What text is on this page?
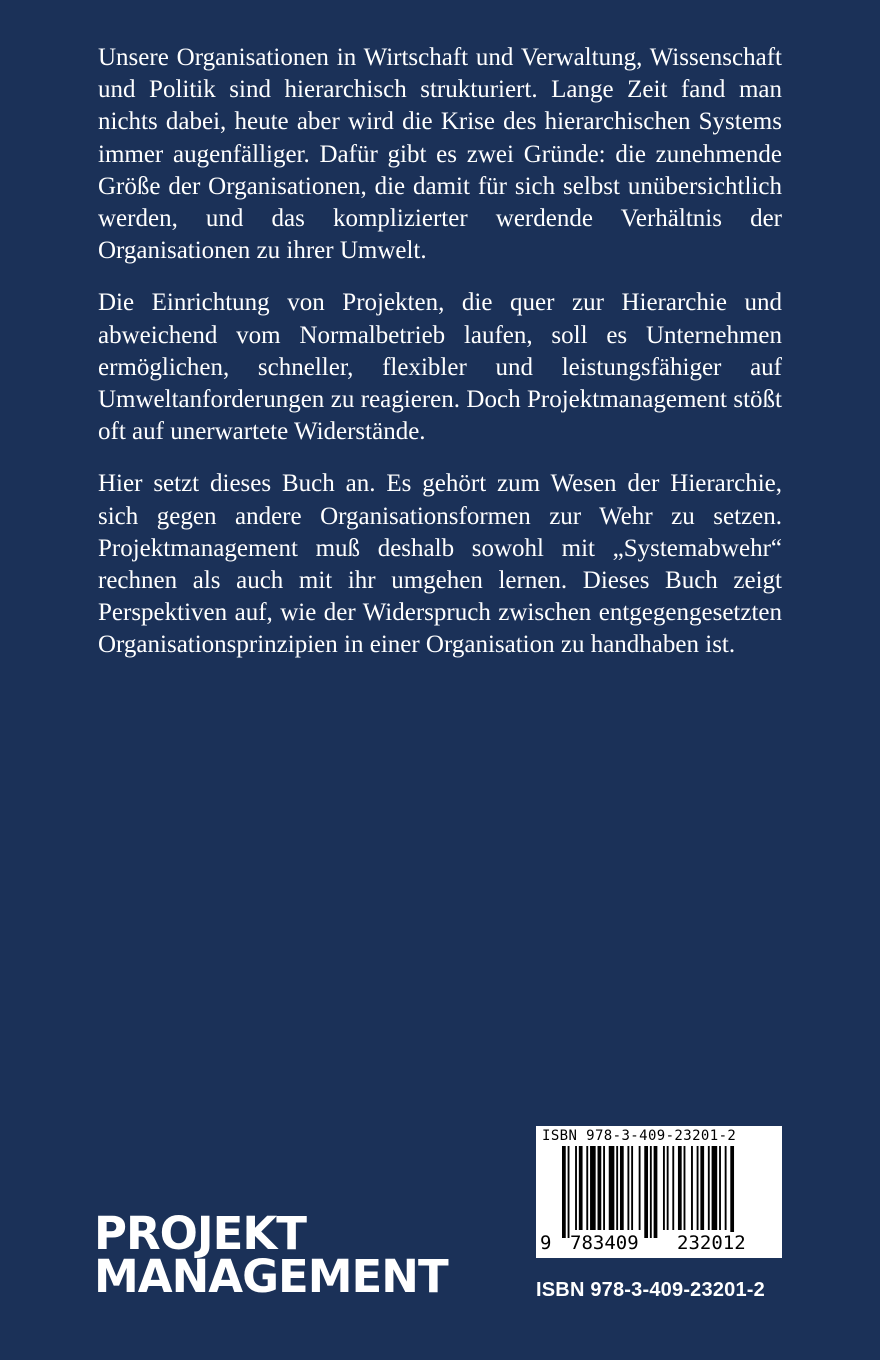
Unsere Organisationen in Wirtschaft und Verwaltung, Wissenschaft und Politik sind hierarchisch strukturiert. Lange Zeit fand man nichts dabei, heute aber wird die Krise des hierarchischen Systems immer augenfälliger. Dafür gibt es zwei Gründe: die zunehmende Größe der Organisationen, die damit für sich selbst unübersichtlich werden, und das komplizierter werdende Verhältnis der Organisationen zu ihrer Umwelt.

Die Einrichtung von Projekten, die quer zur Hierarchie und abweichend vom Normalbetrieb laufen, soll es Unternehmen ermöglichen, schneller, flexibler und leistungsfähiger auf Umweltanforderungen zu reagieren. Doch Projektmanagement stößt oft auf unerwartete Widerstände.

Hier setzt dieses Buch an. Es gehört zum Wesen der Hierarchie, sich gegen andere Organisationsformen zur Wehr zu setzen. Projektmanagement muß deshalb sowohl mit „Systemabwehr“ rechnen als auch mit ihr umgehen lernen. Dieses Buch zeigt Perspektiven auf, wie der Widerspruch zwischen entgegengesetzten Organisationsprinzipien in einer Organisation zu handhaben ist.

PROJEKT
MANAGEMENT
ISBN 978-3-409-23201-2
9 783409 232012
ISBN 978-3-409-23201-2
